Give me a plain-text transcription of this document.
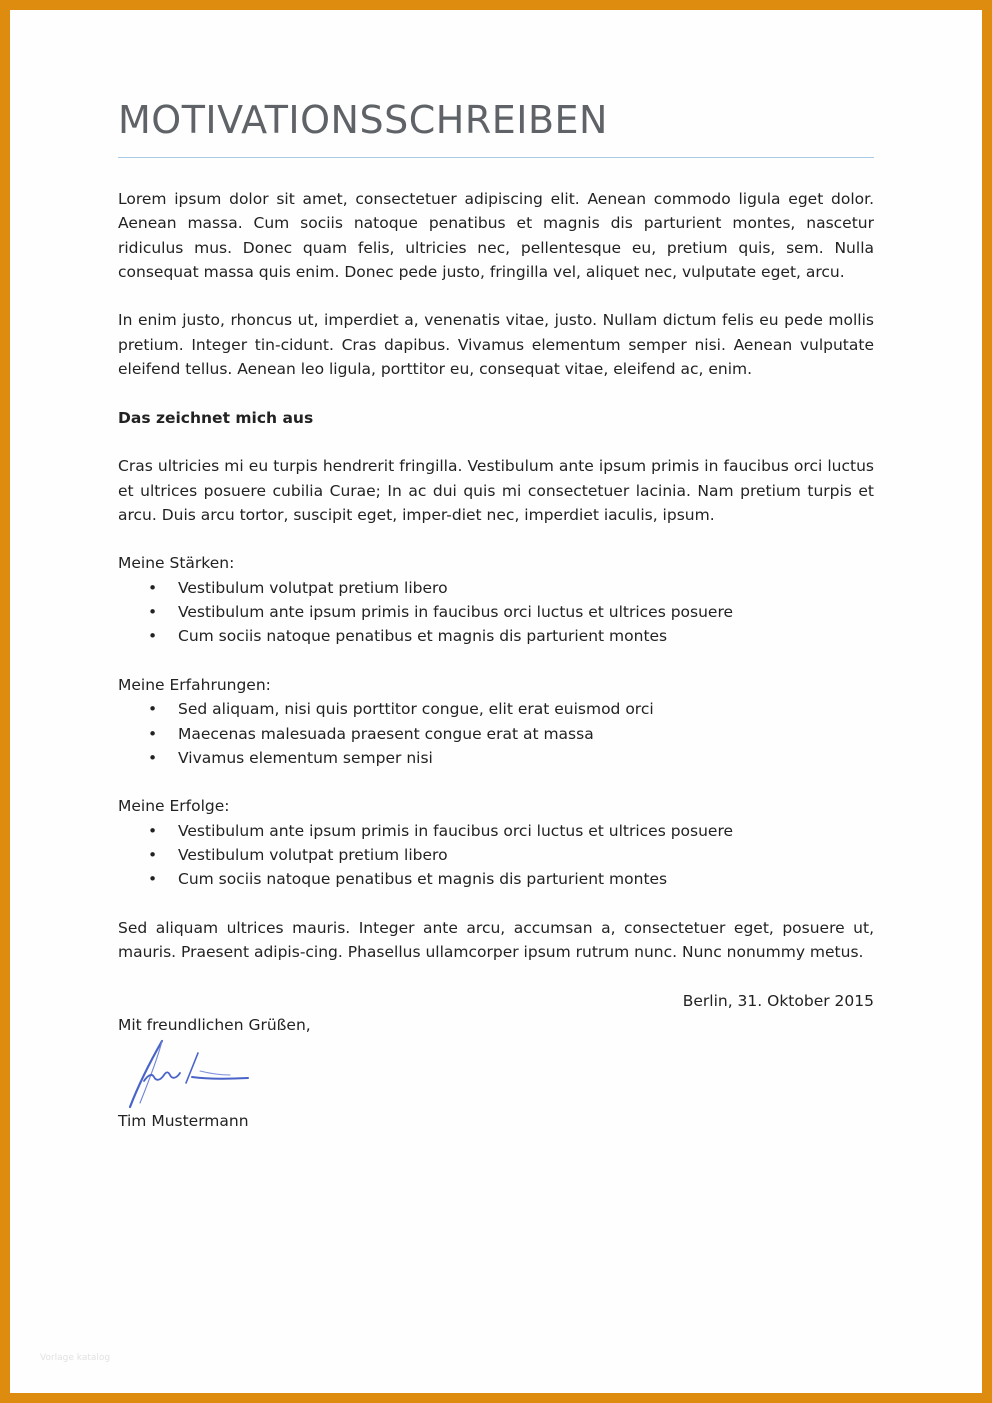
MOTIVATIONSSCHREIBEN

Lorem ipsum dolor sit amet, consectetuer adipiscing elit. Aenean commodo ligula eget dolor. Aenean massa. Cum sociis natoque penatibus et magnis dis parturient montes, nascetur ridiculus mus. Donec quam felis, ultricies nec, pellentesque eu, pretium quis, sem. Nulla consequat massa quis enim. Donec pede justo, fringilla vel, aliquet nec, vulputate eget, arcu.

In enim justo, rhoncus ut, imperdiet a, venenatis vitae, justo. Nullam dictum felis eu pede mollis pretium. Integer tin-cidunt. Cras dapibus. Vivamus elementum semper nisi. Aenean vulputate eleifend tellus. Aenean leo ligula, porttitor eu, consequat vitae, eleifend ac, enim.

Das zeichnet mich aus

Cras ultricies mi eu turpis hendrerit fringilla. Vestibulum ante ipsum primis in faucibus orci luctus et ultrices posuere cubilia Curae; In ac dui quis mi consectetuer lacinia. Nam pretium turpis et arcu. Duis arcu tortor, suscipit eget, imper-diet nec, imperdiet iaculis, ipsum.

Meine Stärken:
• Vestibulum volutpat pretium libero
• Vestibulum ante ipsum primis in faucibus orci luctus et ultrices posuere
• Cum sociis natoque penatibus et magnis dis parturient montes
Meine Erfahrungen:
• Sed aliquam, nisi quis porttitor congue, elit erat euismod orci
• Maecenas malesuada praesent congue erat at massa
• Vivamus elementum semper nisi
Meine Erfolge:
• Vestibulum ante ipsum primis in faucibus orci luctus et ultrices posuere
• Vestibulum volutpat pretium libero
• Cum sociis natoque penatibus et magnis dis parturient montes

Sed aliquam ultrices mauris. Integer ante arcu, accumsan a, consectetuer eget, posuere ut, mauris. Praesent adipis-cing. Phasellus ullamcorper ipsum rutrum nunc. Nunc nonummy metus.

Berlin, 31. Oktober 2015
Mit freundlichen Grüßen,
Tim Mustermann
Vorlage katalog
